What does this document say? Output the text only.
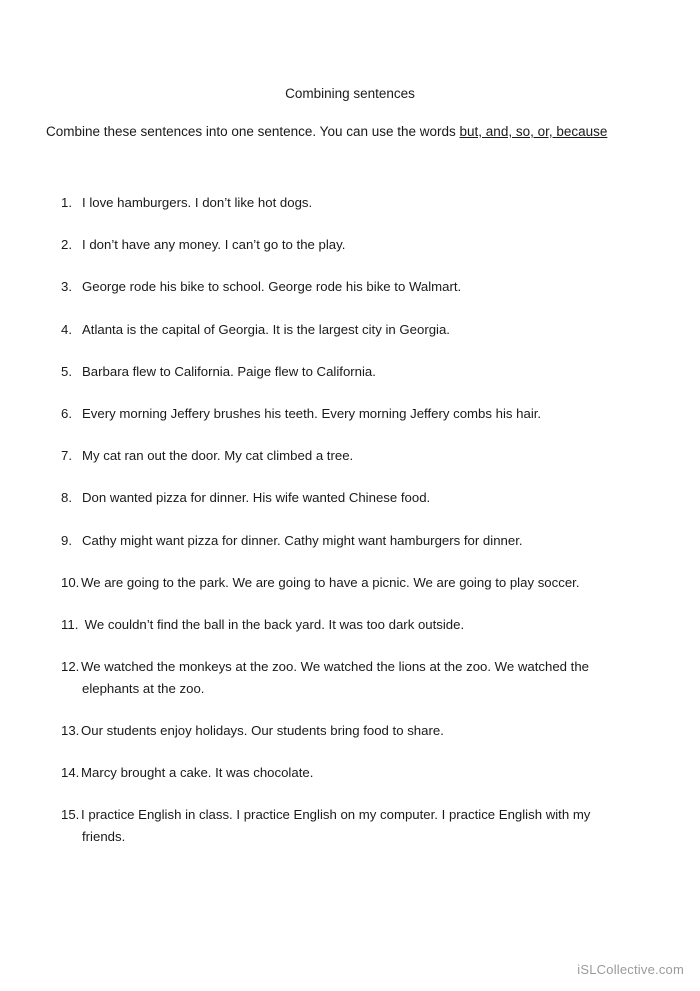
Combining sentences
Combine these sentences into one sentence. You can use the words but, and, so, or, because
1. I love hamburgers. I don’t like hot dogs.
2. I don’t have any money. I can’t go to the play.
3. George rode his bike to school. George rode his bike to Walmart.
4. Atlanta is the capital of Georgia. It is the largest city in Georgia.
5. Barbara flew to California. Paige flew to California.
6. Every morning Jeffery brushes his teeth. Every morning Jeffery combs his hair.
7. My cat ran out the door. My cat climbed a tree.
8. Don wanted pizza for dinner. His wife wanted Chinese food.
9. Cathy might want pizza for dinner. Cathy might want hamburgers for dinner.
10. We are going to the park. We are going to have a picnic. We are going to play soccer.
11. We couldn’t find the ball in the back yard. It was too dark outside.
12. We watched the monkeys at the zoo. We watched the lions at the zoo. We watched the
elephants at the zoo.
13. Our students enjoy holidays. Our students bring food to share.
14. Marcy brought a cake. It was chocolate.
15. I practice English in class. I practice English on my computer. I practice English with my
friends.
iSLCollective.com
